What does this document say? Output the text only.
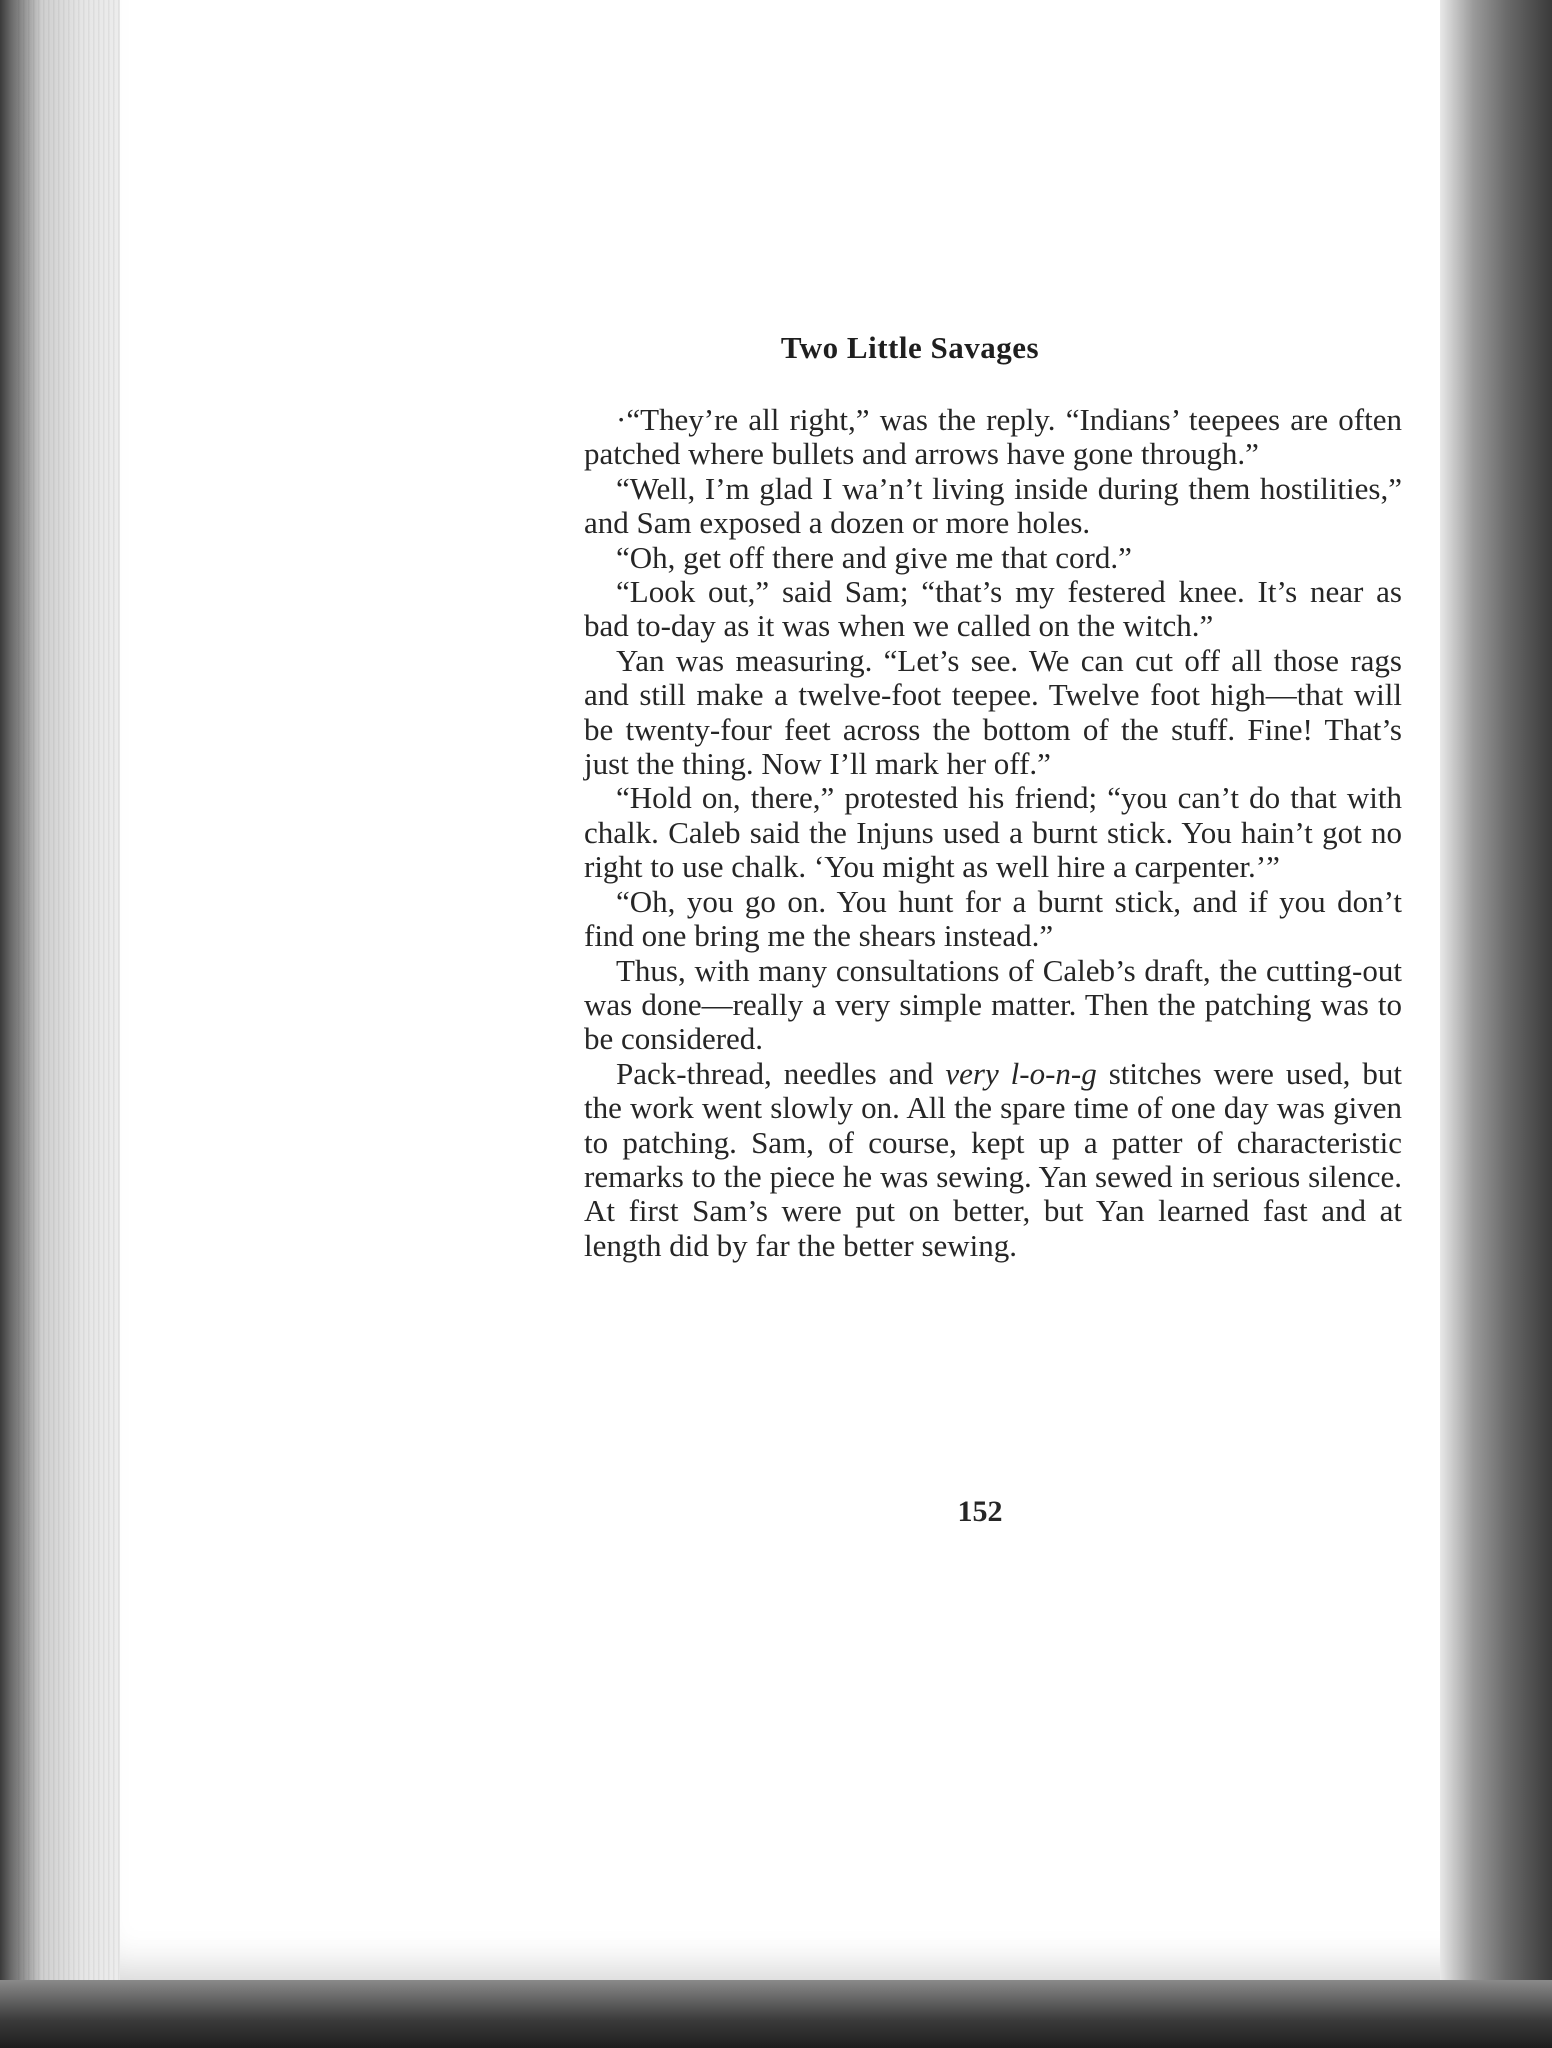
Two Little Savages

·“They’re all right,” was the reply. “Indians’ teepees are often patched where bullets and arrows have gone through.”

“Well, I’m glad I wa’n’t living inside during them hostilities,” and Sam exposed a dozen or more holes.

“Oh, get off there and give me that cord.”

“Look out,” said Sam; “that’s my festered knee. It’s near as bad to-day as it was when we called on the witch.”

Yan was measuring. “Let’s see. We can cut off all those rags and still make a twelve-foot teepee. Twelve foot high—that will be twenty-four feet across the bottom of the stuff. Fine! That’s just the thing. Now I’ll mark her off.”

“Hold on, there,” protested his friend; “you can’t do that with chalk. Caleb said the Injuns used a burnt stick. You hain’t got no right to use chalk. ‘You might as well hire a carpenter.’”

“Oh, you go on. You hunt for a burnt stick, and if you don’t find one bring me the shears instead.”

Thus, with many consultations of Caleb’s draft, the cutting-out was done—really a very simple matter. Then the patching was to be considered.

Pack-thread, needles and very l-o-n-g stitches were used, but the work went slowly on. All the spare time of one day was given to patching. Sam, of course, kept up a patter of characteristic remarks to the piece he was sewing. Yan sewed in serious silence. At first Sam’s were put on better, but Yan learned fast and at length did by far the better sewing.

152
